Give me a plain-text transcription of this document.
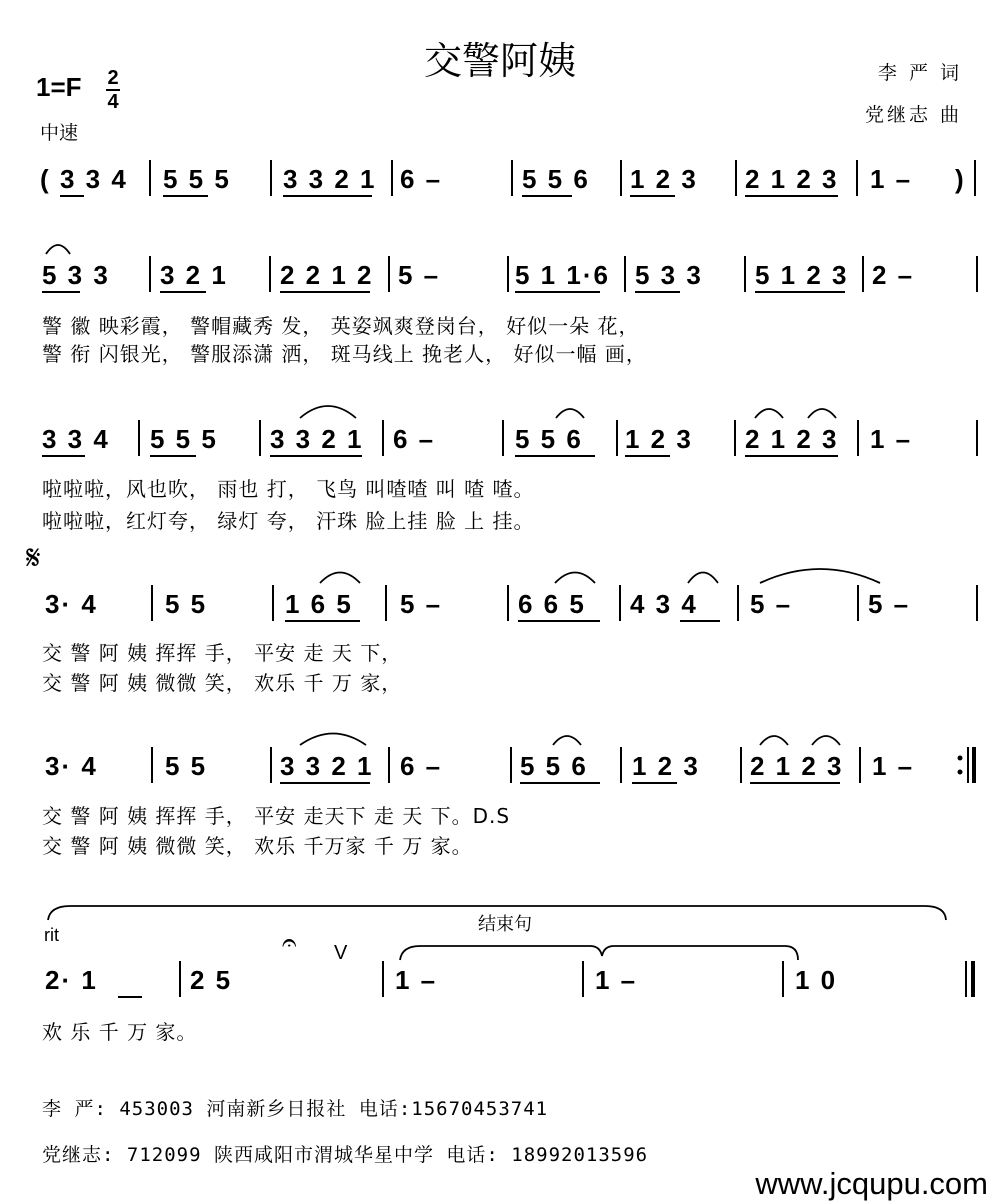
交警阿姨	李 严 词
党继志 曲
1=F 2
4
中速
( 3 3 4 5 5 5 3 3 2 1 6 –	5 5 6 1 2 3 2 1 2 3 1 – )
5 3 3 3 2 1 2 2 1 2 5 –	5 1 1·6 5 3 3 5 1 2 3 2 –
警 徽 映彩霞， 警帽藏秀 发， 英姿飒爽登岗台， 好似一朵 花，
警 衔 闪银光， 警服添潇 洒， 斑马线上 挽老人， 好似一幅 画，
3 3 4 5 5 5 3 3 2 1 6 –	5 5 6 1 2 3 2 1 2 3 1 –
啦啦啦，风也吹， 雨也 打， 飞鸟 叫喳喳 叫 喳 喳。
啦啦啦，红灯夸， 绿灯 夸， 汗珠 脸上挂 脸 上 挂。
𝄋
3· 4	5 5	1 6 5 5 –	6 6 5 4 3 4 5 –	5 –
交 警 阿 姨 挥挥 手， 平安 走 天 下，
交 警 阿 姨 微微 笑， 欢乐 千 万 家，
3· 4	5 5	3 3 2 1 6 –	5 5 6 1 2 3 2 1 2 3 1 –
交 警 阿 姨 挥挥 手， 平安 走天下 走 天 下。D.S
交 警 阿 姨 微微 笑， 欢乐 千万家 千 万 家。
rit	结束句
𝄐 V
2· 1	2 5	1 –	1 –	1 0
欢 乐 千 万 家。
李 严: 453003 河南新乡日报社 电话:15670453741
党继志: 712099 陕西咸阳市渭城华星中学 电话: 18992013596
www.jcqupu.com
